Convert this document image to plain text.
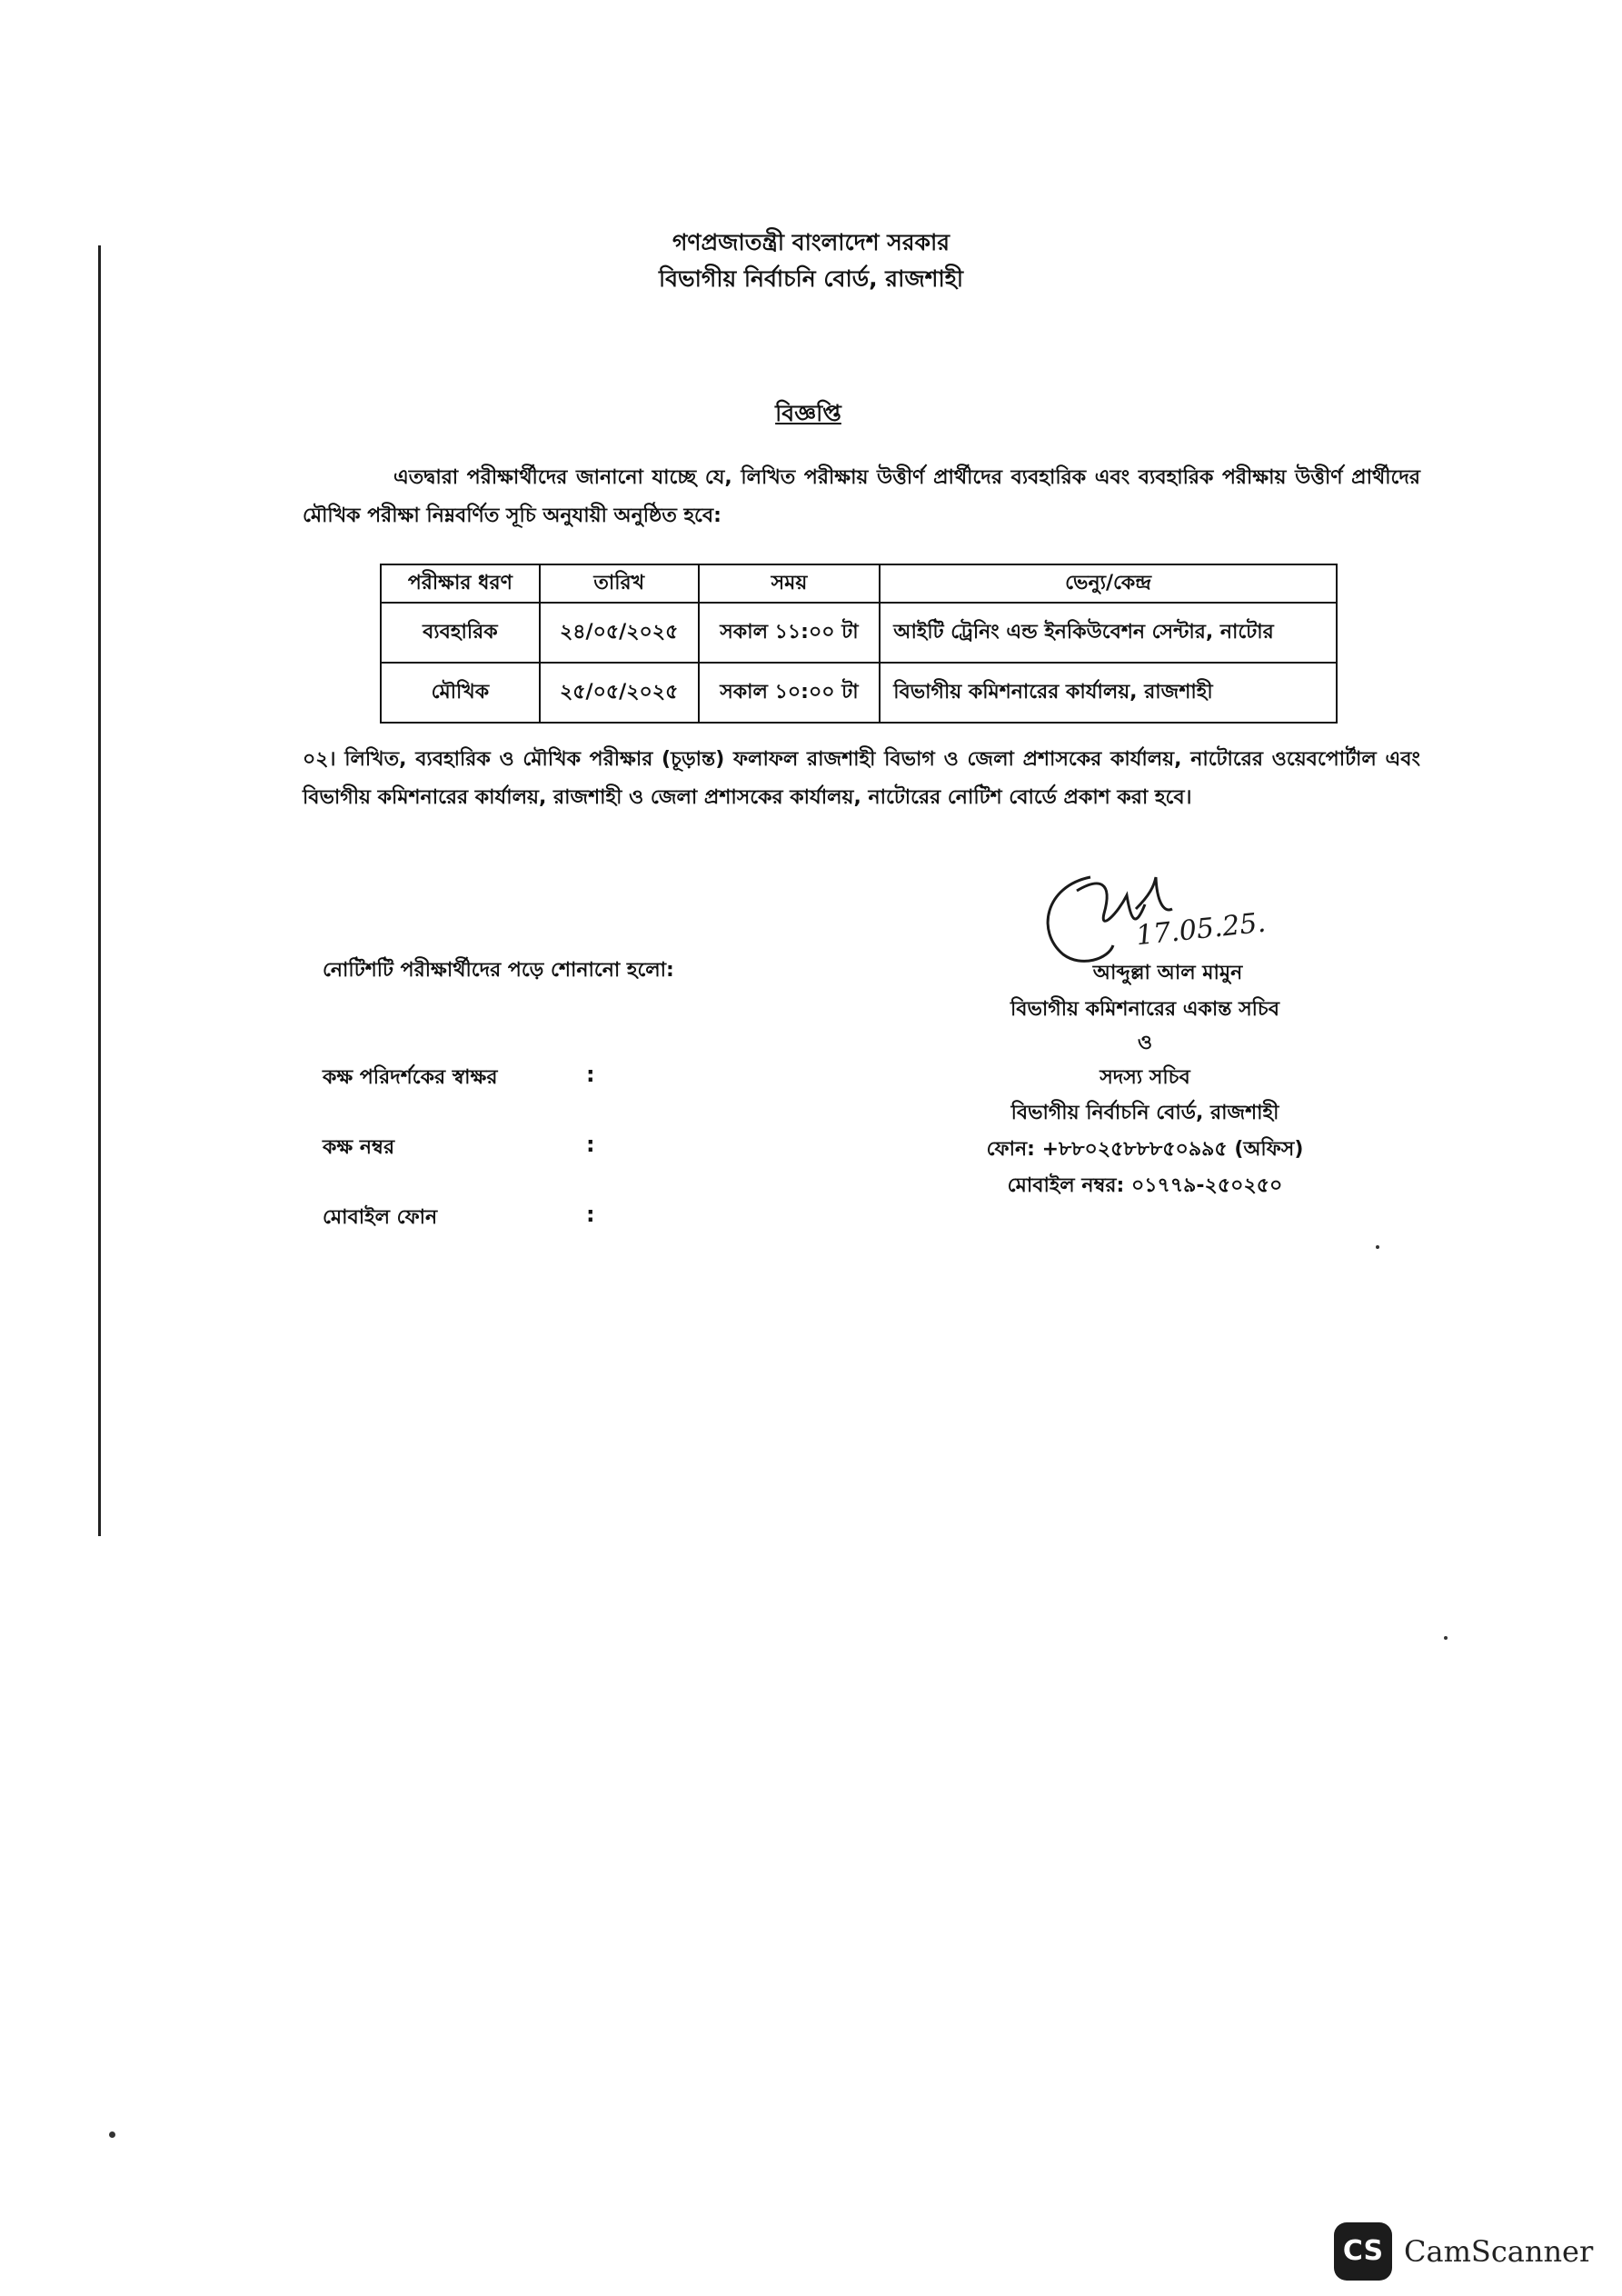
গণপ্রজাতন্ত্রী বাংলাদেশ সরকার
বিভাগীয় নির্বাচনি বোর্ড, রাজশাহী
বিজ্ঞপ্তি
এতদ্বারা পরীক্ষার্থীদের জানানো যাচ্ছে যে, লিখিত পরীক্ষায় উত্তীর্ণ প্রার্থীদের ব্যবহারিক এবং ব্যবহারিক পরীক্ষায় উত্তীর্ণ প্রার্থীদের মৌখিক পরীক্ষা নিম্নবর্ণিত সূচি অনুযায়ী অনুষ্ঠিত হবে:
পরীক্ষার ধরণ	তারিখ	সময়	ভেন্যু/কেন্দ্র
ব্যবহারিক	২৪/০৫/২০২৫	সকাল ১১:০০ টা	আইটি ট্রেনিং এন্ড ইনকিউবেশন সেন্টার, নাটোর
মৌখিক	২৫/০৫/২০২৫	সকাল ১০:০০ টা	বিভাগীয় কমিশনারের কার্যালয়, রাজশাহী
০২। লিখিত, ব্যবহারিক ও মৌখিক পরীক্ষার (চূড়ান্ত) ফলাফল রাজশাহী বিভাগ ও জেলা প্রশাসকের কার্যালয়, নাটোরের ওয়েবপোর্টাল এবং বিভাগীয় কমিশনারের কার্যালয়, রাজশাহী ও জেলা প্রশাসকের কার্যালয়, নাটোরের নোটিশ বোর্ডে প্রকাশ করা হবে।
নোটিশটি পরীক্ষার্থীদের পড়ে শোনানো হলো:
কক্ষ পরিদর্শকের স্বাক্ষর	:
কক্ষ নম্বর	:
মোবাইল ফোন	:
17.05.25.
আব্দুল্লা আল মামুন
বিভাগীয় কমিশনারের একান্ত সচিব
ও
সদস্য সচিব
বিভাগীয় নির্বাচনি বোর্ড, রাজশাহী
ফোন: +৮৮০২৫৮৮৮৫০৯৯৫ (অফিস)
মোবাইল নম্বর: ০১৭৭৯-২৫০২৫০
CS CamScanner
